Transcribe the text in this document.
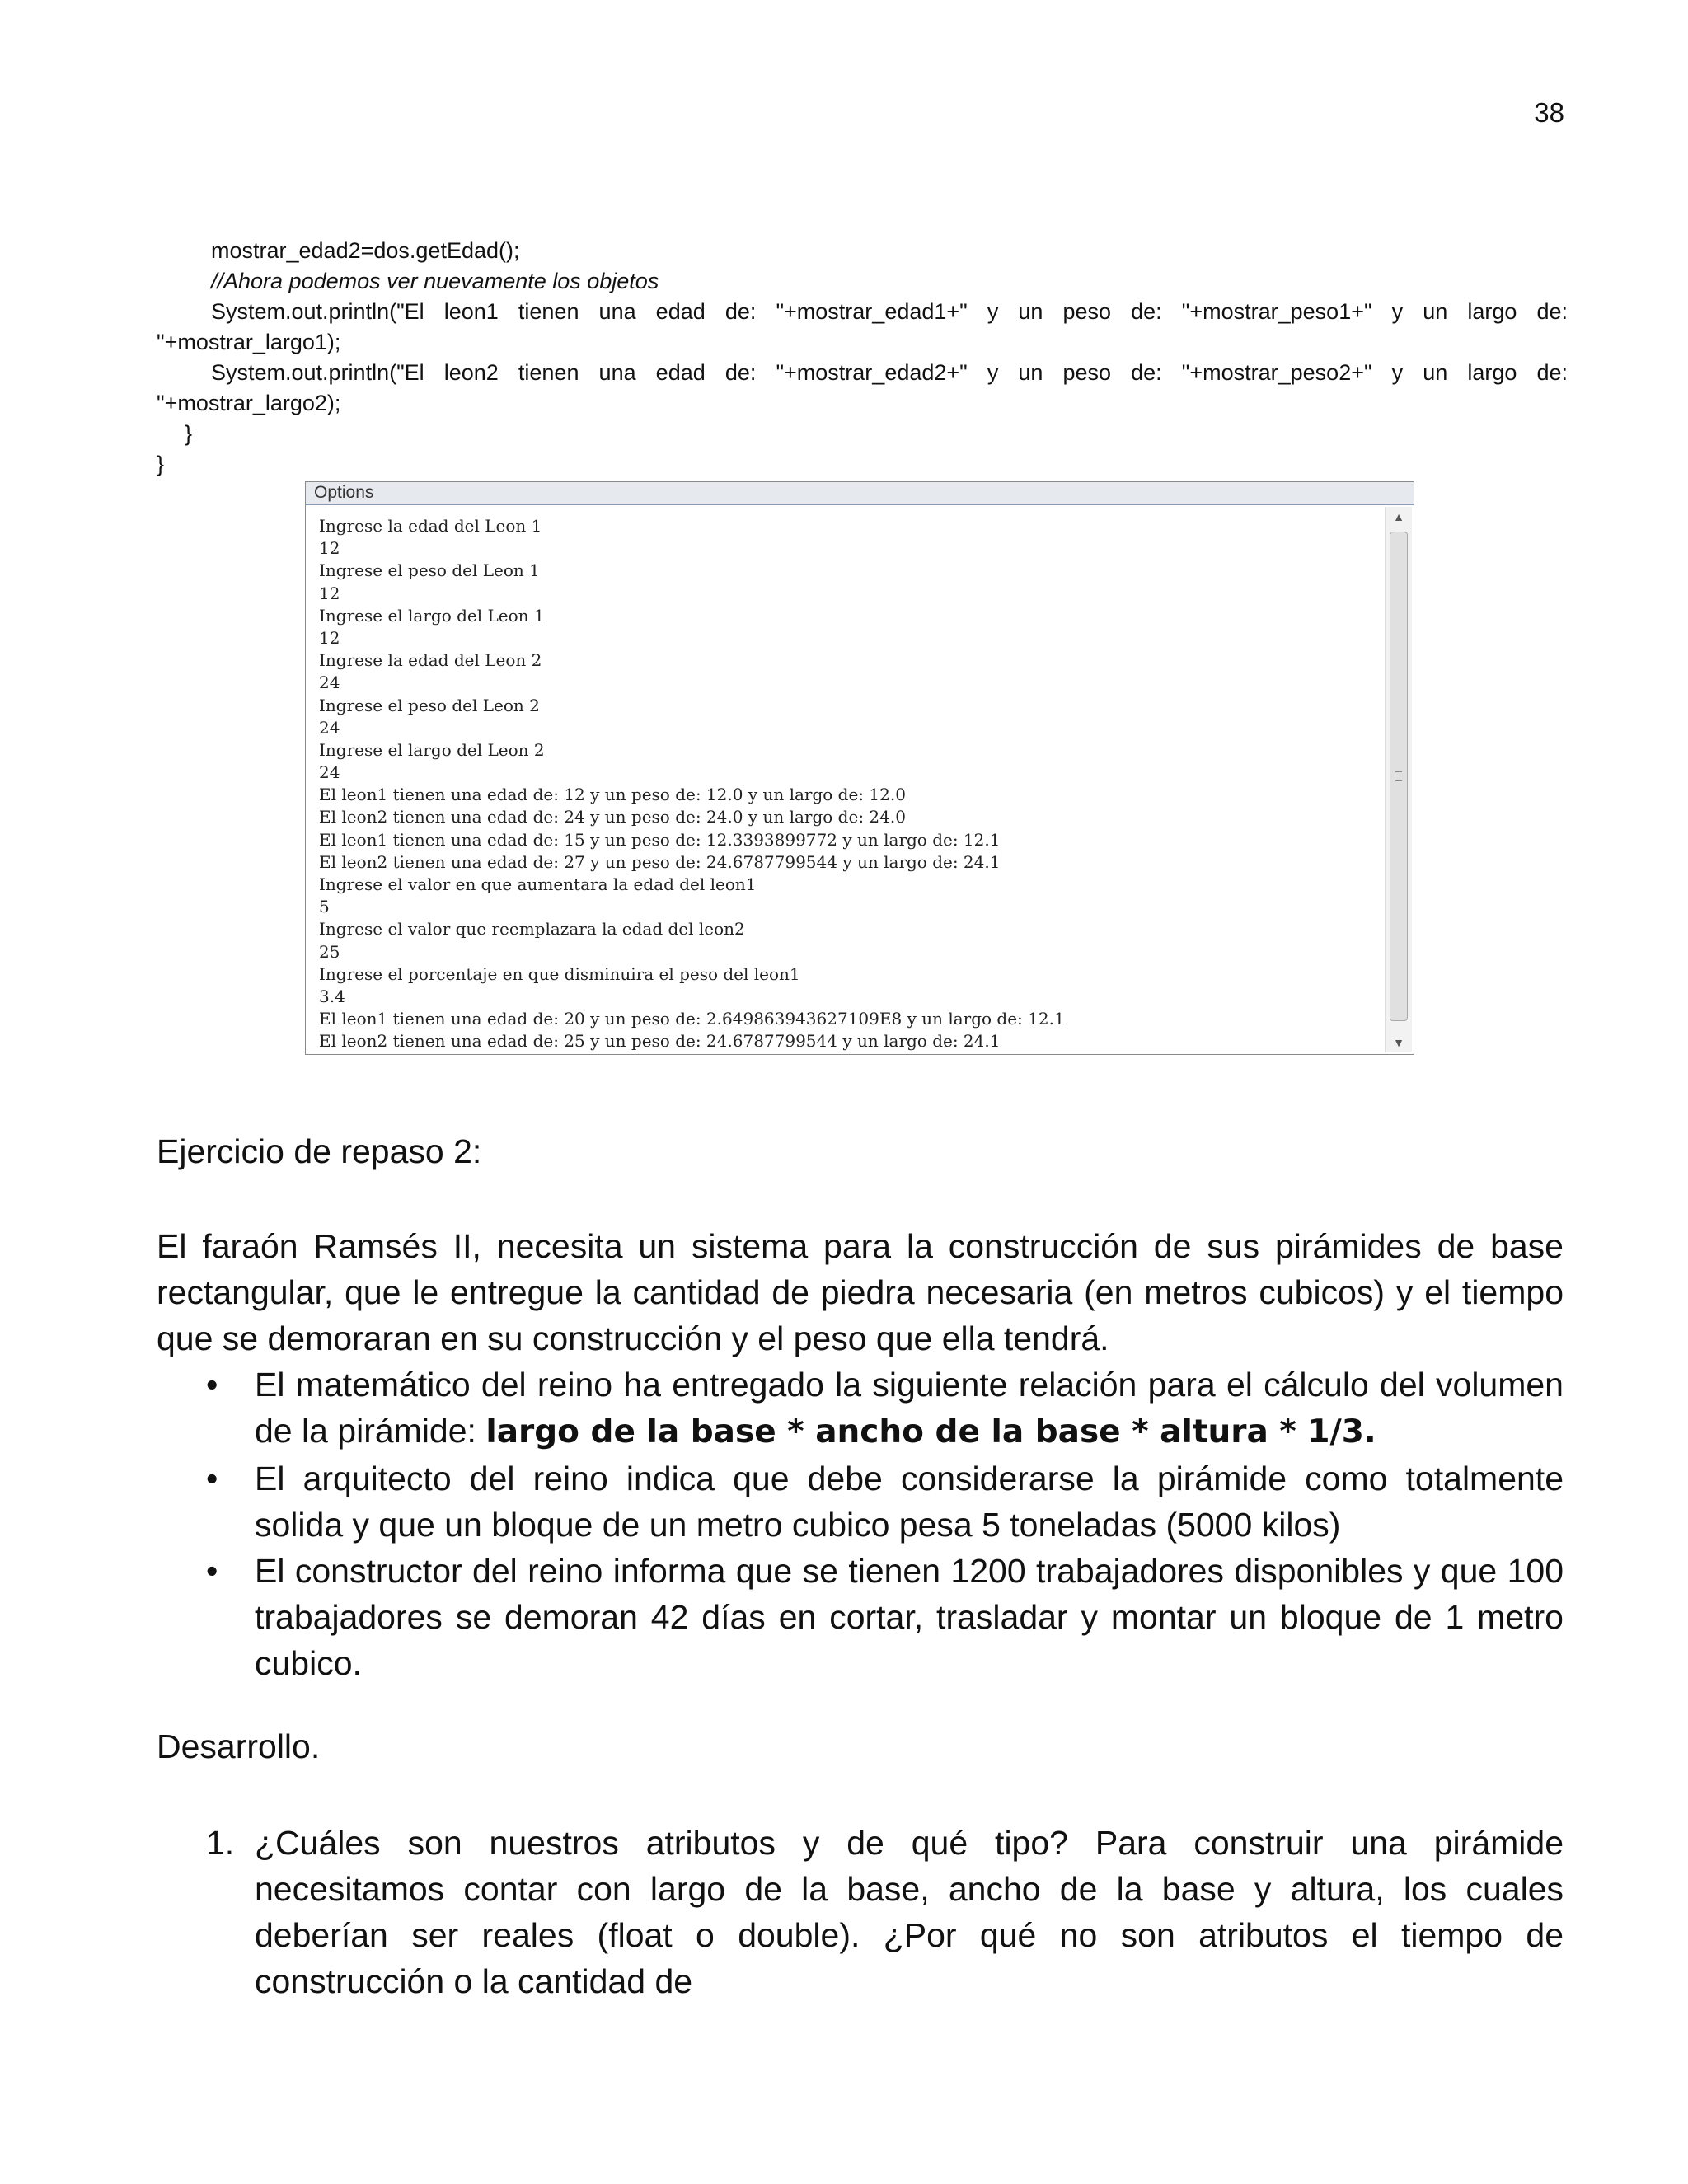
38

mostrar_edad2=dos.getEdad();

//Ahora podemos ver nuevamente los objetos

System.out.println("El leon1 tienen una edad de: "+mostrar_edad1+" y un peso de: "+mostrar_peso1+" y un largo de:

"+mostrar_largo1);

System.out.println("El leon2 tienen una edad de: "+mostrar_edad2+" y un peso de: "+mostrar_peso2+" y un largo de:

"+mostrar_largo2);

}

}

Options
Ingrese la edad del Leon 1
12
Ingrese el peso del Leon 1
12
Ingrese el largo del Leon 1
12
Ingrese la edad del Leon 2
24
Ingrese el peso del Leon 2
24
Ingrese el largo del Leon 2
24
El leon1 tienen una edad de: 12 y un peso de: 12.0 y un largo de: 12.0
El leon2 tienen una edad de: 24 y un peso de: 24.0 y un largo de: 24.0
El leon1 tienen una edad de: 15 y un peso de: 12.3393899772 y un largo de: 12.1
El leon2 tienen una edad de: 27 y un peso de: 24.6787799544 y un largo de: 24.1
Ingrese el valor en que aumentara la edad del leon1
5
Ingrese el valor que reemplazara la edad del leon2
25
Ingrese el porcentaje en que disminuira el peso del leon1
3.4
El leon1 tienen una edad de: 20 y un peso de: 2.649863943627109E8 y un largo de: 12.1
El leon2 tienen una edad de: 25 y un peso de: 24.6787799544 y un largo de: 24.1
▲
▼
Ejercicio de repaso 2:

El faraón Ramsés II, necesita un sistema para la construcción de sus pirámides de base rectangular, que le entregue la cantidad de piedra necesaria (en metros cubicos) y el tiempo que se demoraran en su construcción y el peso que ella tendrá.

• El matemático del reino ha entregado la siguiente relación para el cálculo del volumen de la pirámide: largo de la base * ancho de la base * altura * 1/3.
• El arquitecto del reino indica que debe considerarse la pirámide como totalmente solida y que un bloque de un metro cubico pesa 5 toneladas (5000 kilos)
• El constructor del reino informa que se tienen 1200 trabajadores disponibles y que 100 trabajadores se demoran 42 días en cortar, trasladar y montar un bloque de 1 metro cubico.
Desarrollo.
1. ¿Cuáles son nuestros atributos y de qué tipo? Para construir una pirámide necesitamos contar con largo de la base, ancho de la base y altura, los cuales deberían ser reales (float o double). ¿Por qué no son atributos el tiempo de construcción o la cantidad de
